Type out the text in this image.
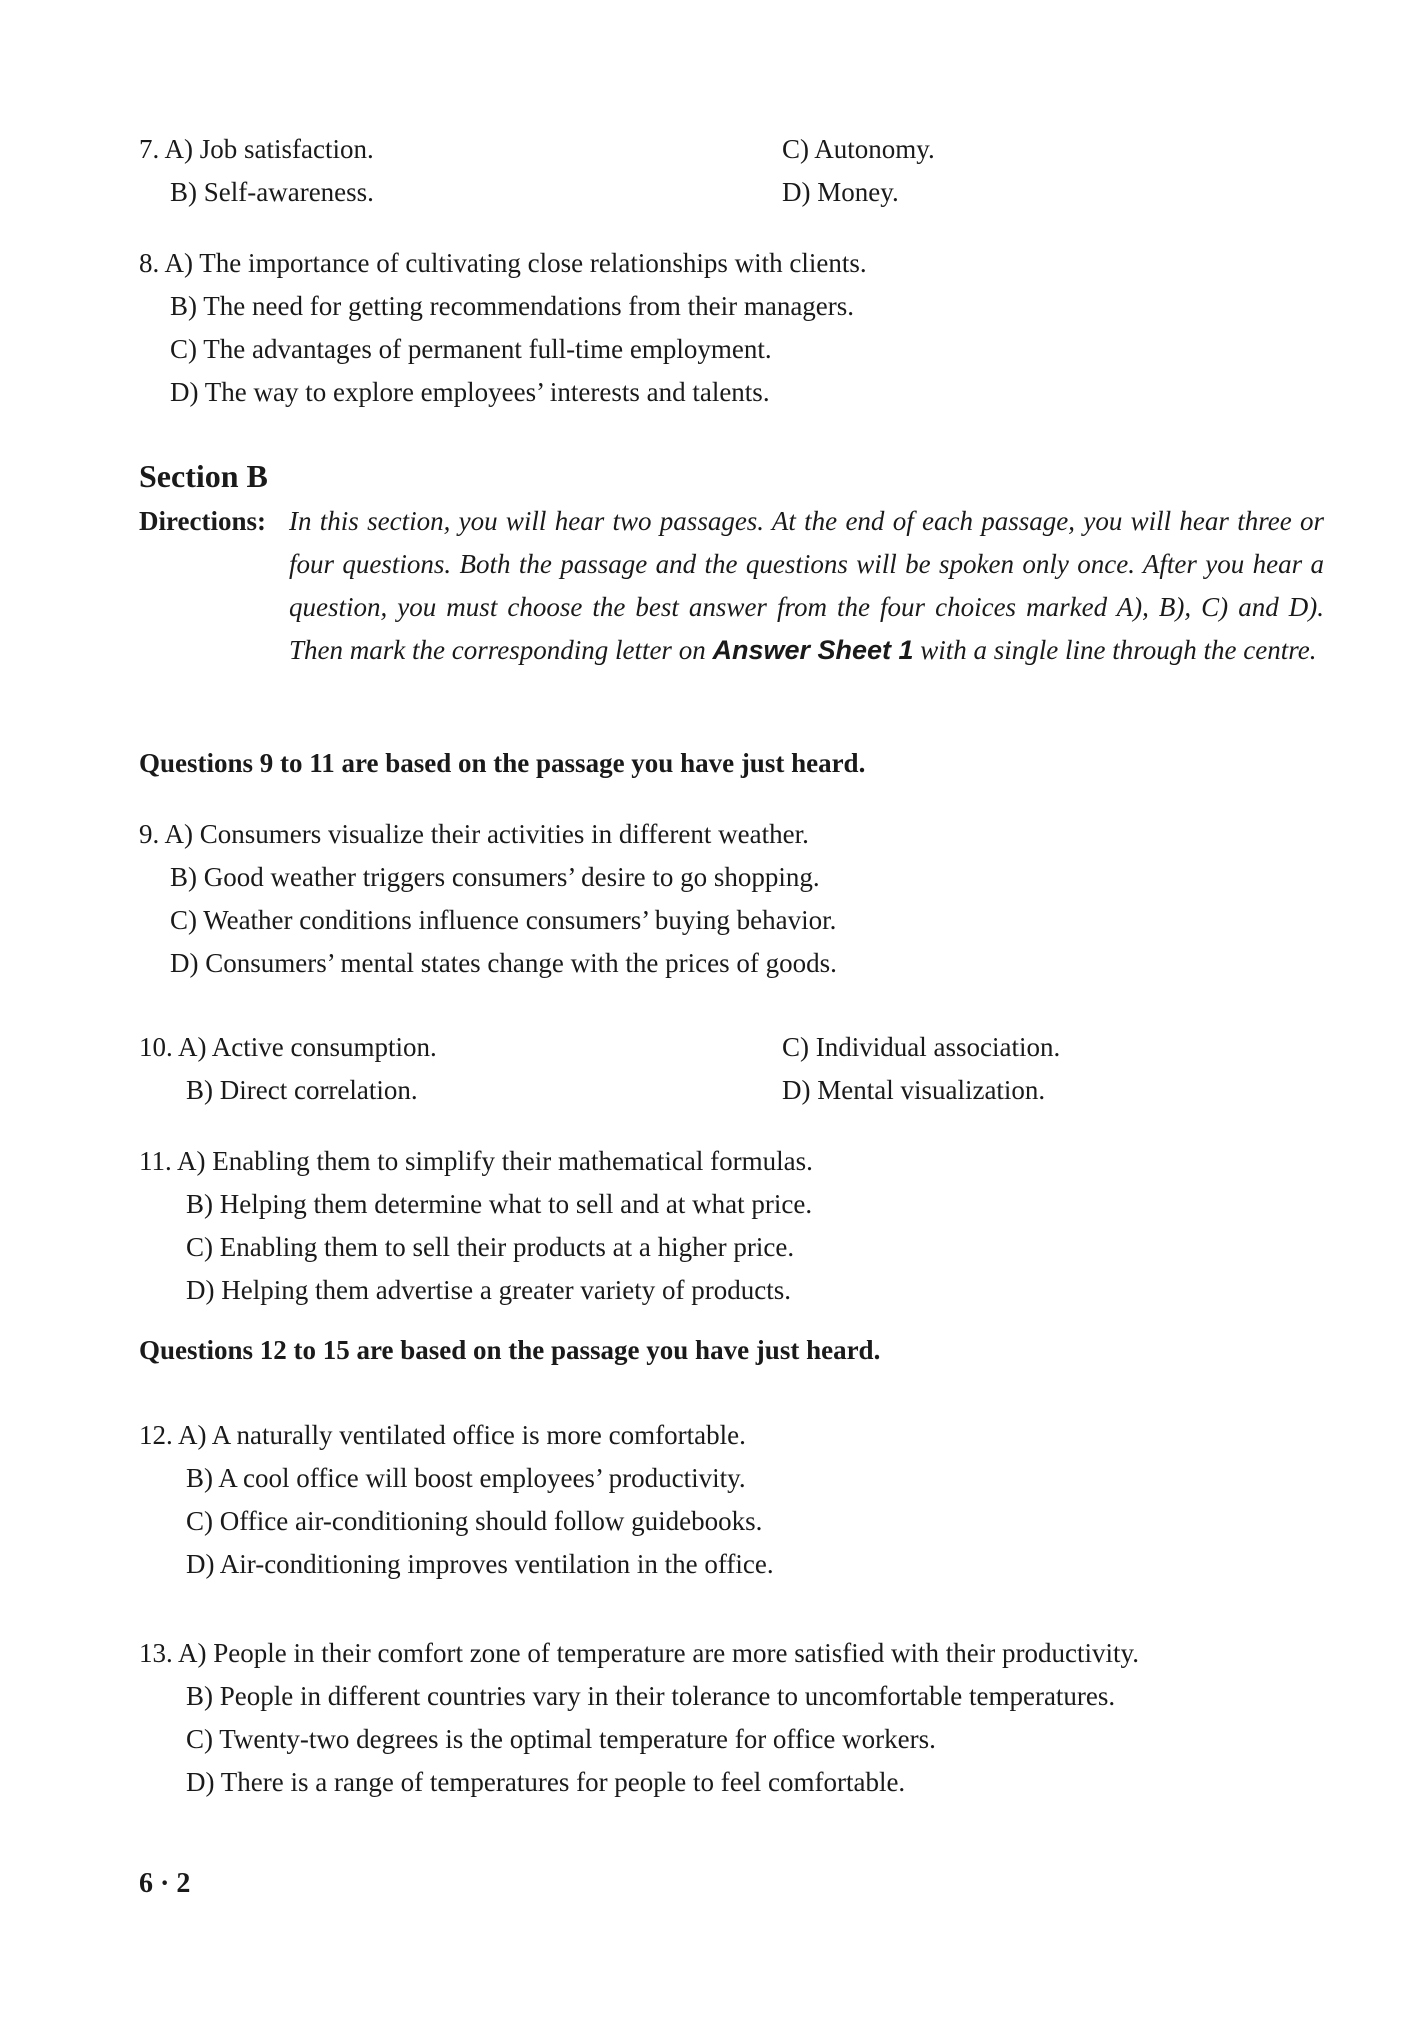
7. A) Job satisfaction.	C) Autonomy.
B) Self-awareness.	D) Money.
8. A) The importance of cultivating close relationships with clients.
B) The need for getting recommendations from their managers.
C) The advantages of permanent full-time employment.
D) The way to explore employees’ interests and talents.
Section B
Directions: In this section, you will hear two passages. At the end of each passage, you will hear three or four questions. Both the passage and the questions will be spoken only once. After you hear a question, you must choose the best answer from the four choices marked A), B), C) and D). Then mark the corresponding letter on Answer Sheet 1 with a single line through the centre.
Questions 9 to 11 are based on the passage you have just heard.
9. A) Consumers visualize their activities in different weather.
B) Good weather triggers consumers’ desire to go shopping.
C) Weather conditions influence consumers’ buying behavior.
D) Consumers’ mental states change with the prices of goods.
10. A) Active consumption.	C) Individual association.
B) Direct correlation.	D) Mental visualization.
11. A) Enabling them to simplify their mathematical formulas.
B) Helping them determine what to sell and at what price.
C) Enabling them to sell their products at a higher price.
D) Helping them advertise a greater variety of products.
Questions 12 to 15 are based on the passage you have just heard.
12. A) A naturally ventilated office is more comfortable.
B) A cool office will boost employees’ productivity.
C) Office air-conditioning should follow guidebooks.
D) Air-conditioning improves ventilation in the office.
13. A) People in their comfort zone of temperature are more satisfied with their productivity.
B) People in different countries vary in their tolerance to uncomfortable temperatures.
C) Twenty-two degrees is the optimal temperature for office workers.
D) There is a range of temperatures for people to feel comfortable.
6 · 2
